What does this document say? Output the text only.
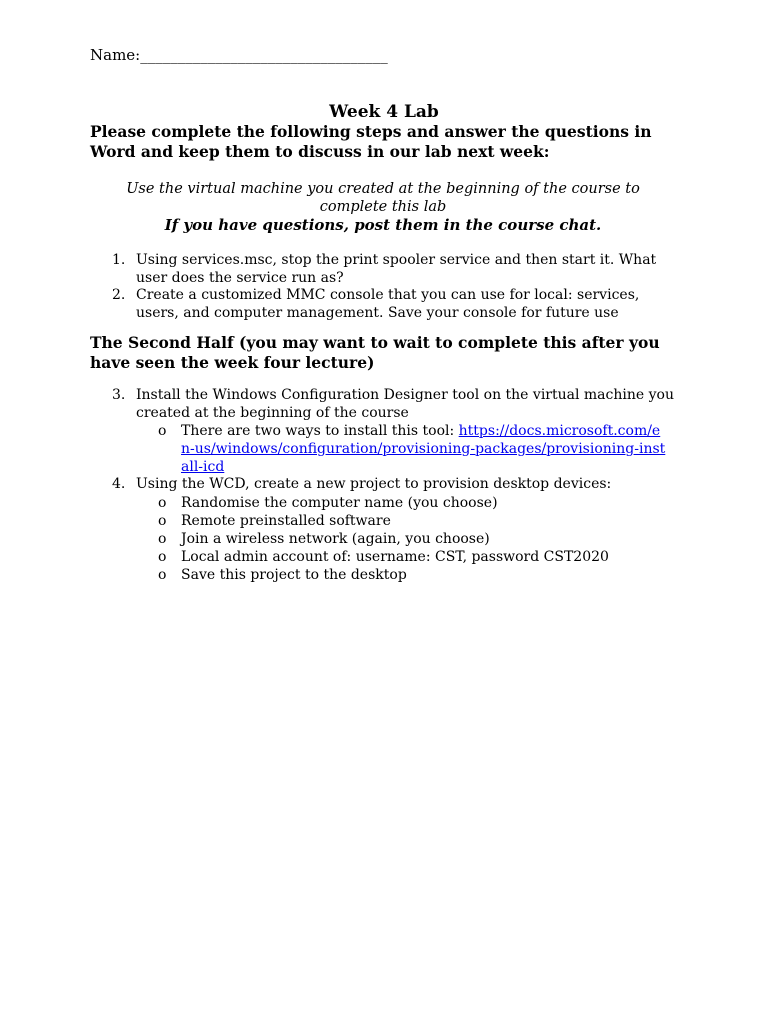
Name:_________________________________
Week 4 Lab
Please complete the following steps and answer the questions in Word and keep them to discuss in our lab next week:
Use the virtual machine you created at the beginning of the course to complete this lab
If you have questions, post them in the course chat.
1. Using services.msc, stop the print spooler service and then start it. What user does the service run as?
2. Create a customized MMC console that you can use for local: services, users, and computer management. Save your console for future use
The Second Half (you may want to wait to complete this after you have seen the week four lecture)
3. Install the Windows Configuration Designer tool on the virtual machine you created at the beginning of the course
o There are two ways to install this tool: https://docs.microsoft.com/en-us/windows/configuration/provisioning-packages/provisioning-install-icd
4. Using the WCD, create a new project to provision desktop devices:
o Randomise the computer name (you choose)
o Remote preinstalled software
o Join a wireless network (again, you choose)
o Local admin account of: username: CST, password CST2020
o Save this project to the desktop
